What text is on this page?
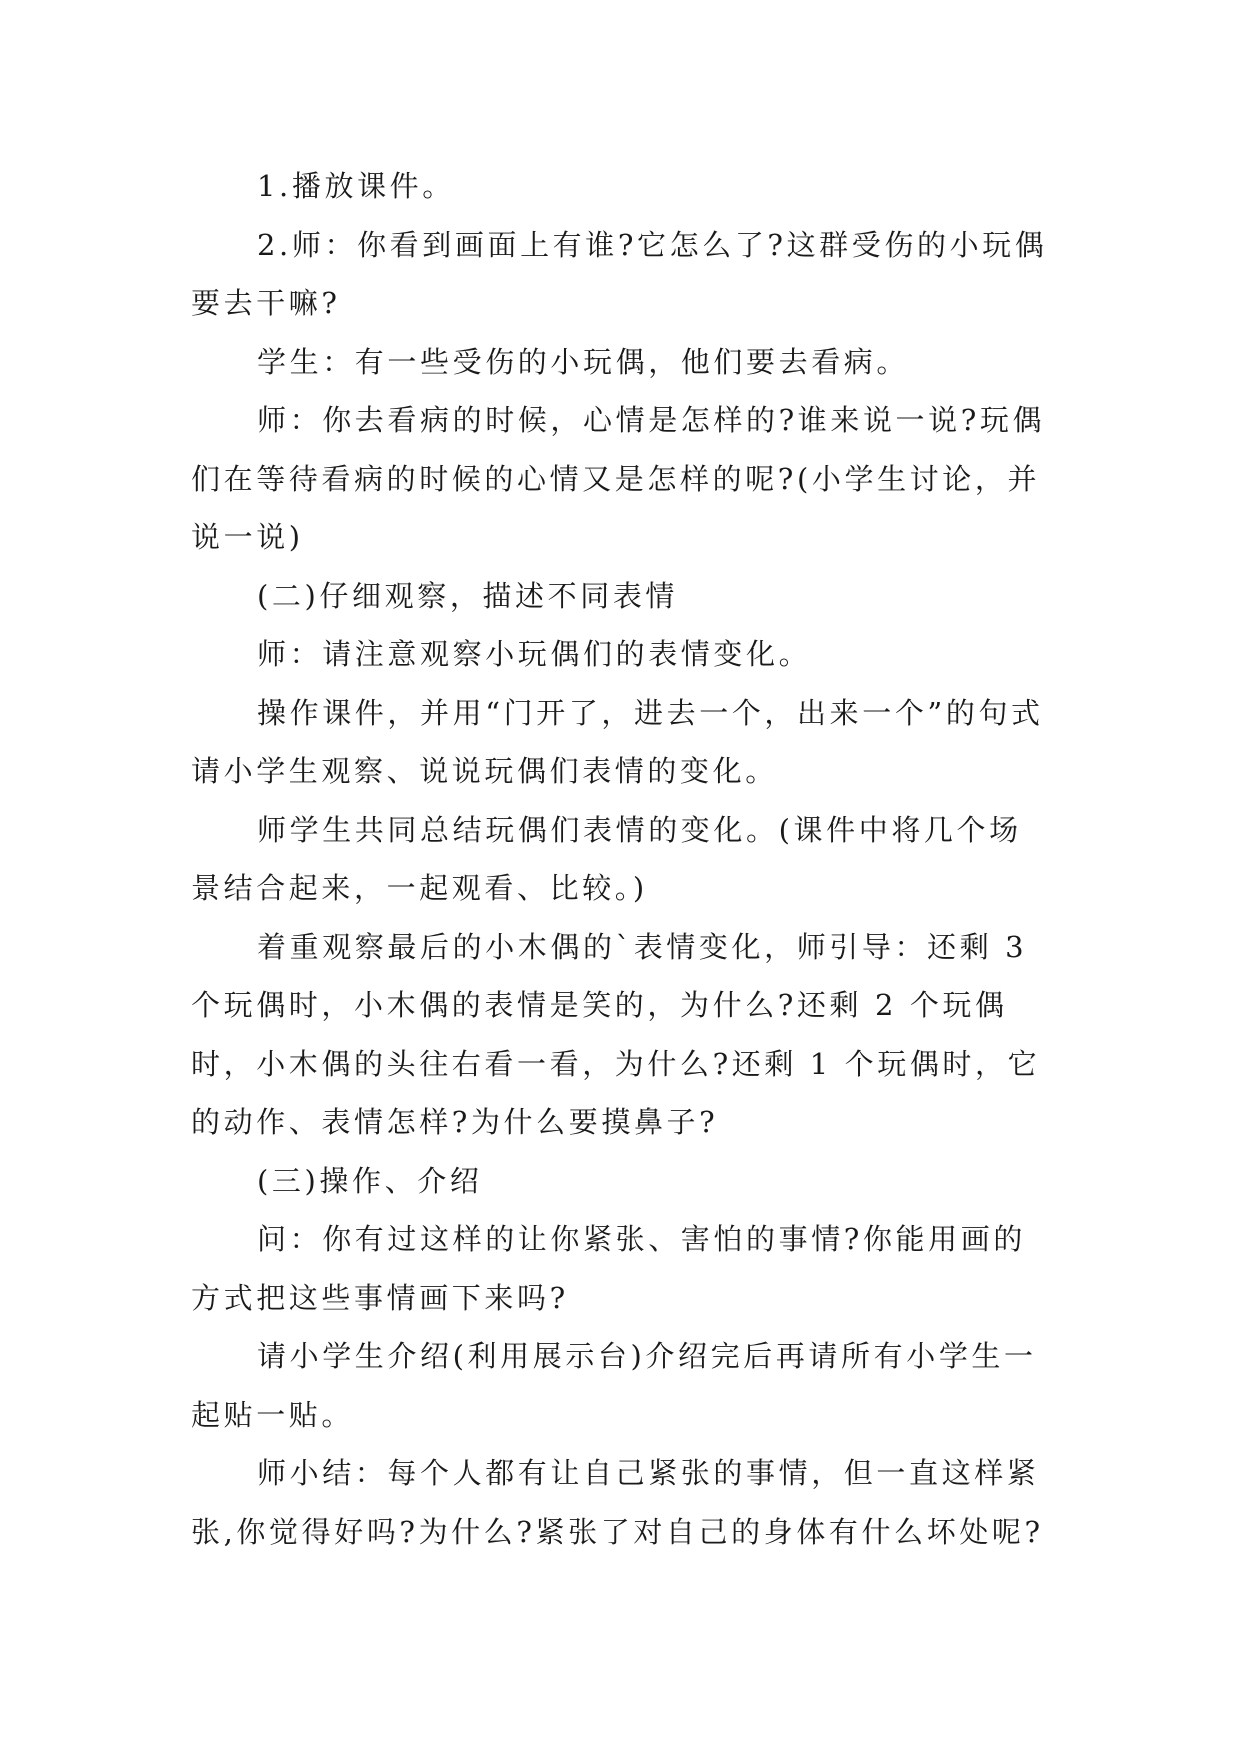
1.播放课件。

2.师：你看到画面上有谁?它怎么了?这群受伤的小玩偶要去干嘛?

学生：有一些受伤的小玩偶，他们要去看病。

师：你去看病的时候，心情是怎样的?谁来说一说?玩偶们在等待看病的时候的心情又是怎样的呢?(小学生讨论，并说一说)

(二)仔细观察，描述不同表情

师：请注意观察小玩偶们的表情变化。

操作课件，并用“门开了，进去一个，出来一个”的句式请小学生观察、说说玩偶们表情的变化。

师学生共同总结玩偶们表情的变化。(课件中将几个场景结合起来，一起观看、比较。)

着重观察最后的小木偶的`表情变化，师引导：还剩 3 个玩偶时，小木偶的表情是笑的，为什么?还剩 2 个玩偶时，小木偶的头往右看一看，为什么?还剩 1 个玩偶时，它的动作、表情怎样?为什么要摸鼻子?

(三)操作、介绍

问：你有过这样的让你紧张、害怕的事情?你能用画的方式把这些事情画下来吗?

请小学生介绍(利用展示台)介绍完后再请所有小学生一起贴一贴。

师小结：每个人都有让自己紧张的事情，但一直这样紧张,你觉得好吗?为什么?紧张了对自己的身体有什么坏处呢?
